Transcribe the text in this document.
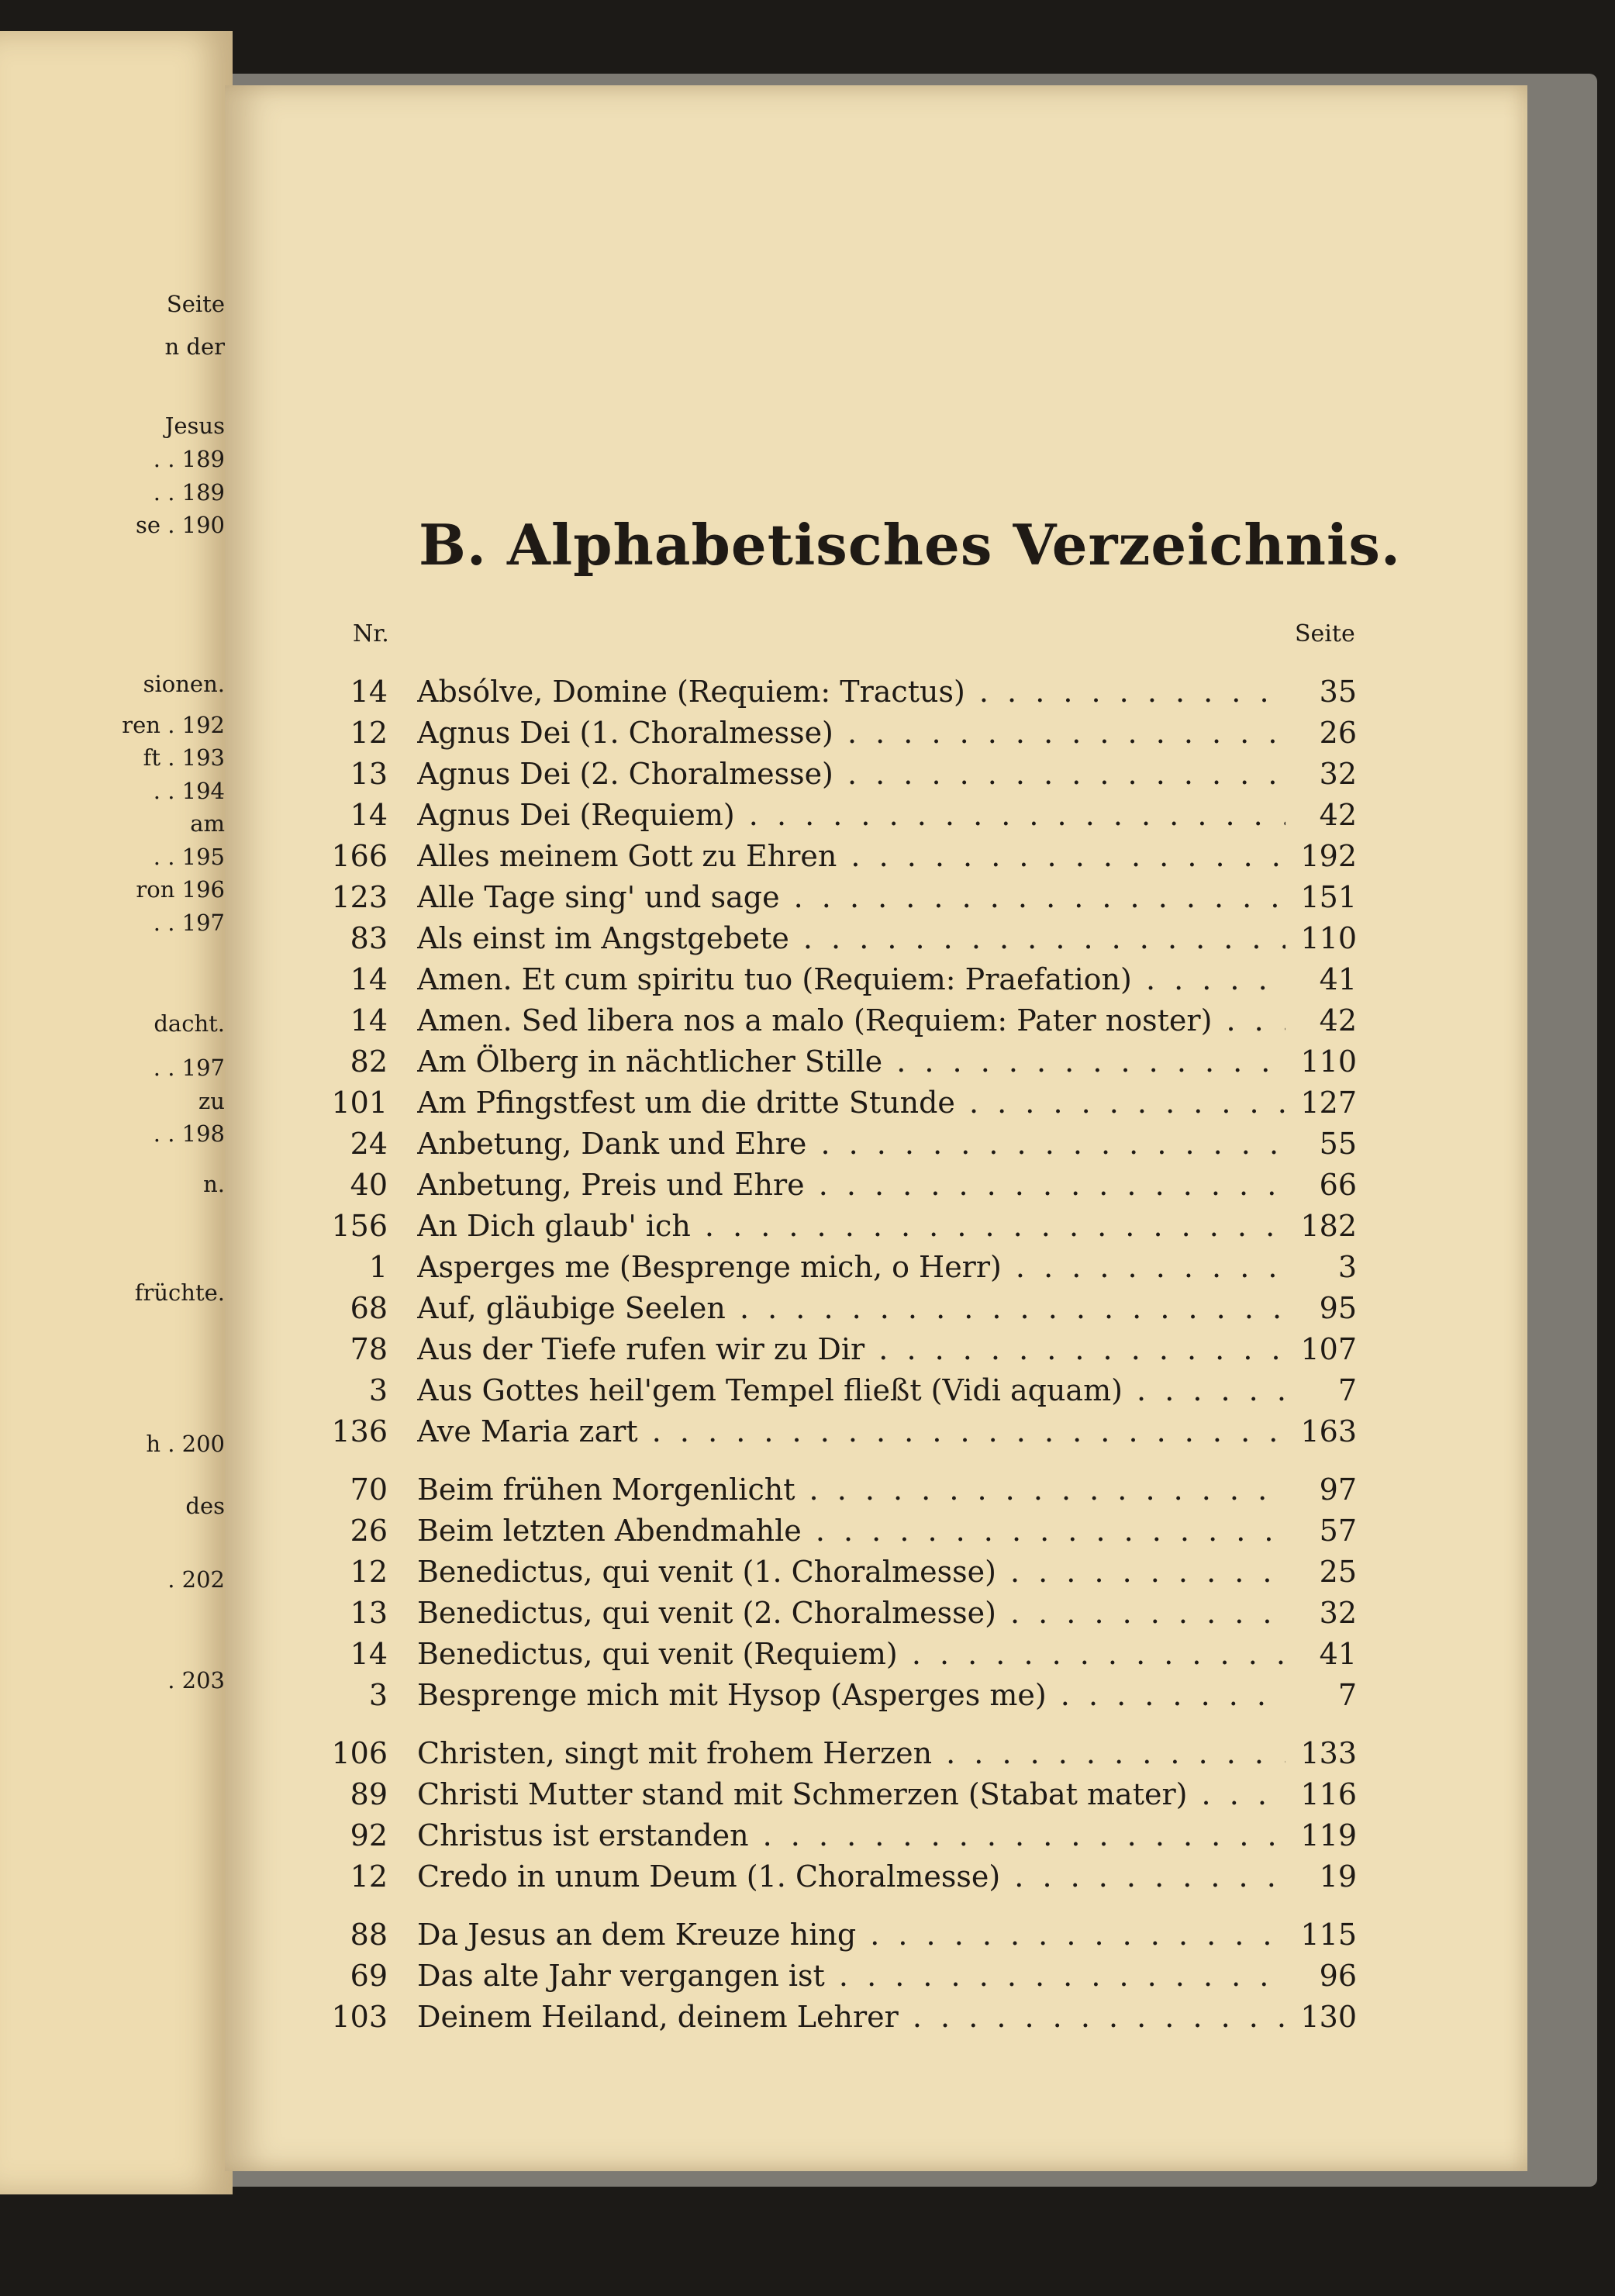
Seite
n der
Jesus
. . 189
. . 189
se . 190
sionen.
ren . 192
ft . 193
. . 194
am
. . 195
ron 196
. . 197
dacht.
. . 197
zu
. . 198
n.
früchte.
h . 200
des
. 202
. 203
B. Alphabetisches Verzeichnis.
Nr.	Seite
14 Absólve, Domine (Requiem: Tractus) . . .	35
12 Agnus Dei (1. Choralmesse) . . .	26
13 Agnus Dei (2. Choralmesse) . . .	32
14 Agnus Dei (Requiem) . . .	42
166 Alles meinem Gott zu Ehren . . .	192
123 Alle Tage sing' und sage . . .	151
83 Als einst im Angstgebete . . .	110
14 Amen. Et cum spiritu tuo (Requiem: Praefation) . . .	41
14 Amen. Sed libera nos a malo (Requiem: Pater noster) . . .	42
82 Am Ölberg in nächtlicher Stille . . .	110
101 Am Pfingstfest um die dritte Stunde . . .	127
24 Anbetung, Dank und Ehre . . .	55
40 Anbetung, Preis und Ehre . . .	66
156 An Dich glaub' ich . . .	182
1 Asperges me (Besprenge mich, o Herr) . . .	3
68 Auf, gläubige Seelen . . .	95
78 Aus der Tiefe rufen wir zu Dir . . .	107
3 Aus Gottes heil'gem Tempel fließt (Vidi aquam) . . .	7
136 Ave Maria zart . . .	163
70 Beim frühen Morgenlicht . . .	97
26 Beim letzten Abendmahle . . .	57
12 Benedictus, qui venit (1. Choralmesse) . . .	25
13 Benedictus, qui venit (2. Choralmesse) . . .	32
14 Benedictus, qui venit (Requiem) . . .	41
3 Besprenge mich mit Hysop (Asperges me) . . .	7
106 Christen, singt mit frohem Herzen . . .	133
89 Christi Mutter stand mit Schmerzen (Stabat mater) . . .	116
92 Christus ist erstanden . . .	119
12 Credo in unum Deum (1. Choralmesse) . . .	19
88 Da Jesus an dem Kreuze hing . . .	115
69 Das alte Jahr vergangen ist . . .	96
103 Deinem Heiland, deinem Lehrer . . .	130
